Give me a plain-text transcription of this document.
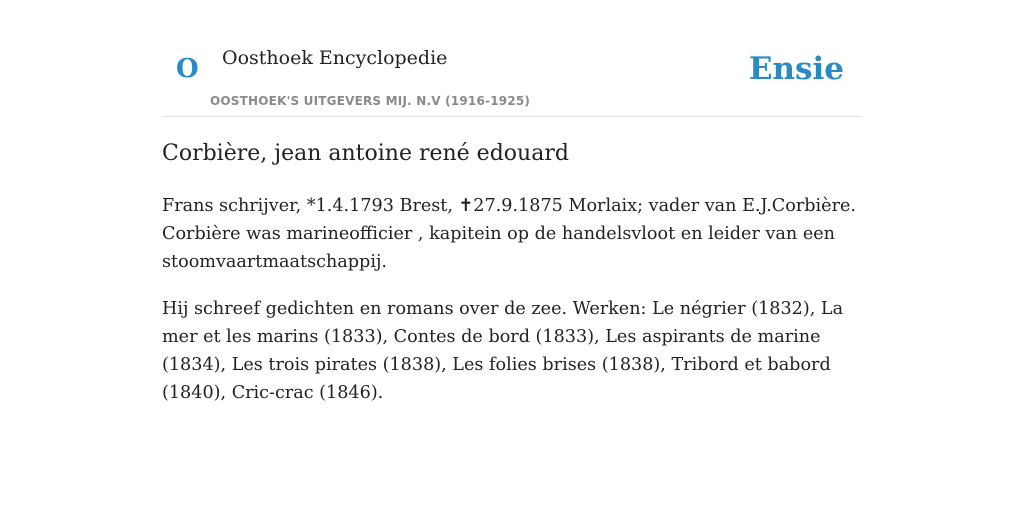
O Oosthoek Encyclopedie
OOSTHOEK'S UITGEVERS MIJ. N.V (1916-1925)
Ensie
Corbière, jean antoine rené edouard

Frans schrijver, *1.4.1793 Brest, ✝27.9.1875 Morlaix; vader van E.J.Corbière. Corbière was marineofficier , kapitein op de handelsvloot en leider van een stoomvaartmaatschappij.

Hij schreef gedichten en romans over de zee. Werken: Le négrier (1832), La mer et les marins (1833), Contes de bord (1833), Les aspirants de marine (1834), Les trois pirates (1838), Les folies brises (1838), Tribord et babord (1840), Cric-crac (1846).
